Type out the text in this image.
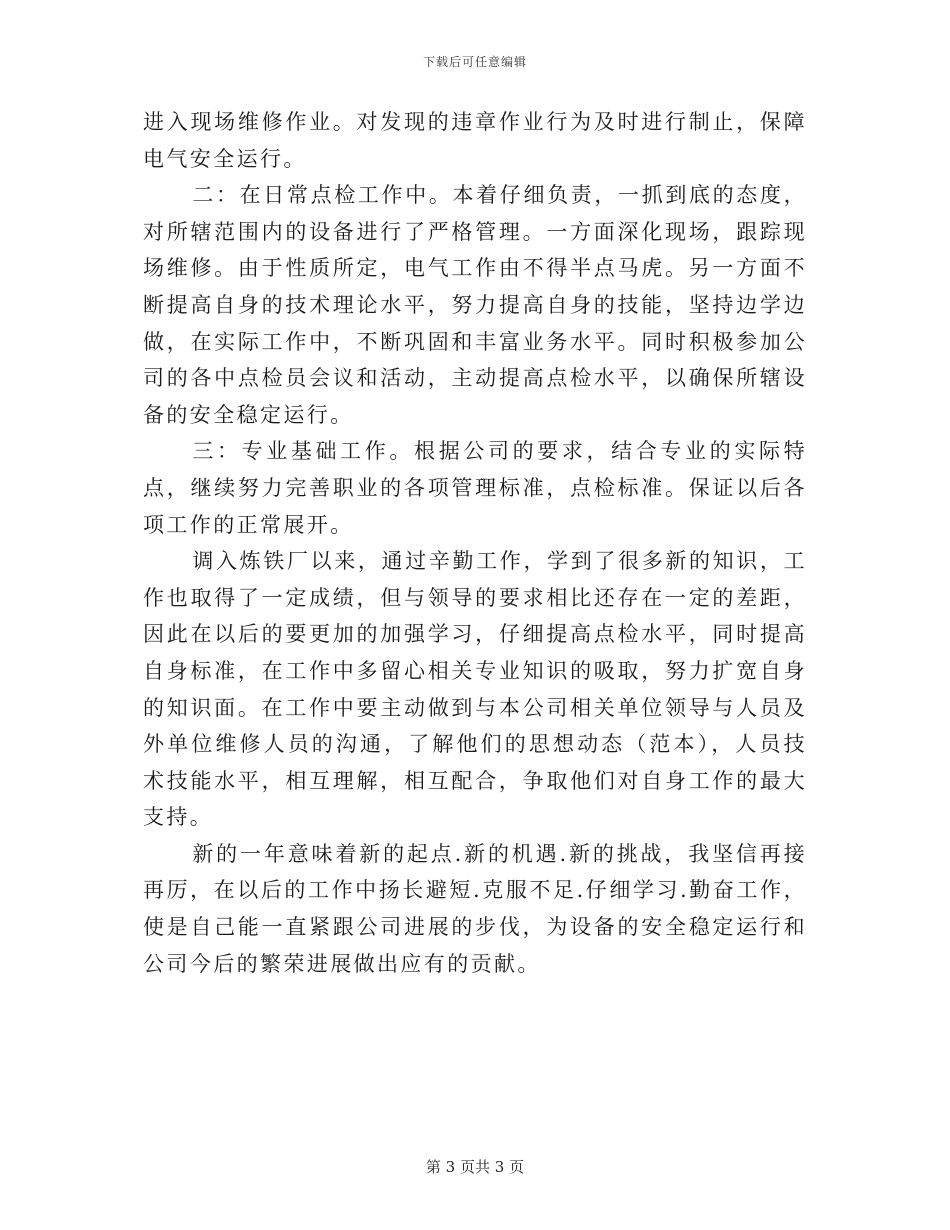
下载后可任意编辑

进入现场维修作业。对发现的违章作业行为及时进行制止，保障电气安全运行。

二：在日常点检工作中。本着仔细负责，一抓到底的态度，对所辖范围内的设备进行了严格管理。一方面深化现场，跟踪现场维修。由于性质所定，电气工作由不得半点马虎。另一方面不断提高自身的技术理论水平，努力提高自身的技能，坚持边学边做，在实际工作中，不断巩固和丰富业务水平。同时积极参加公司的各中点检员会议和活动，主动提高点检水平，以确保所辖设备的安全稳定运行。

三：专业基础工作。根据公司的要求，结合专业的实际特点，继续努力完善职业的各项管理标准，点检标准。保证以后各项工作的正常展开。

调入炼铁厂以来，通过辛勤工作，学到了很多新的知识，工作也取得了一定成绩，但与领导的要求相比还存在一定的差距，因此在以后的要更加的加强学习，仔细提高点检水平，同时提高自身标准，在工作中多留心相关专业知识的吸取，努力扩宽自身的知识面。在工作中要主动做到与本公司相关单位领导与人员及外单位维修人员的沟通，了解他们的思想动态（范本），人员技术技能水平，相互理解，相互配合，争取他们对自身工作的最大支持。

新的一年意味着新的起点.新的机遇.新的挑战，我坚信再接再厉，在以后的工作中扬长避短.克服不足.仔细学习.勤奋工作，使是自己能一直紧跟公司进展的步伐，为设备的安全稳定运行和公司今后的繁荣进展做出应有的贡献。

第 3 页共 3 页
